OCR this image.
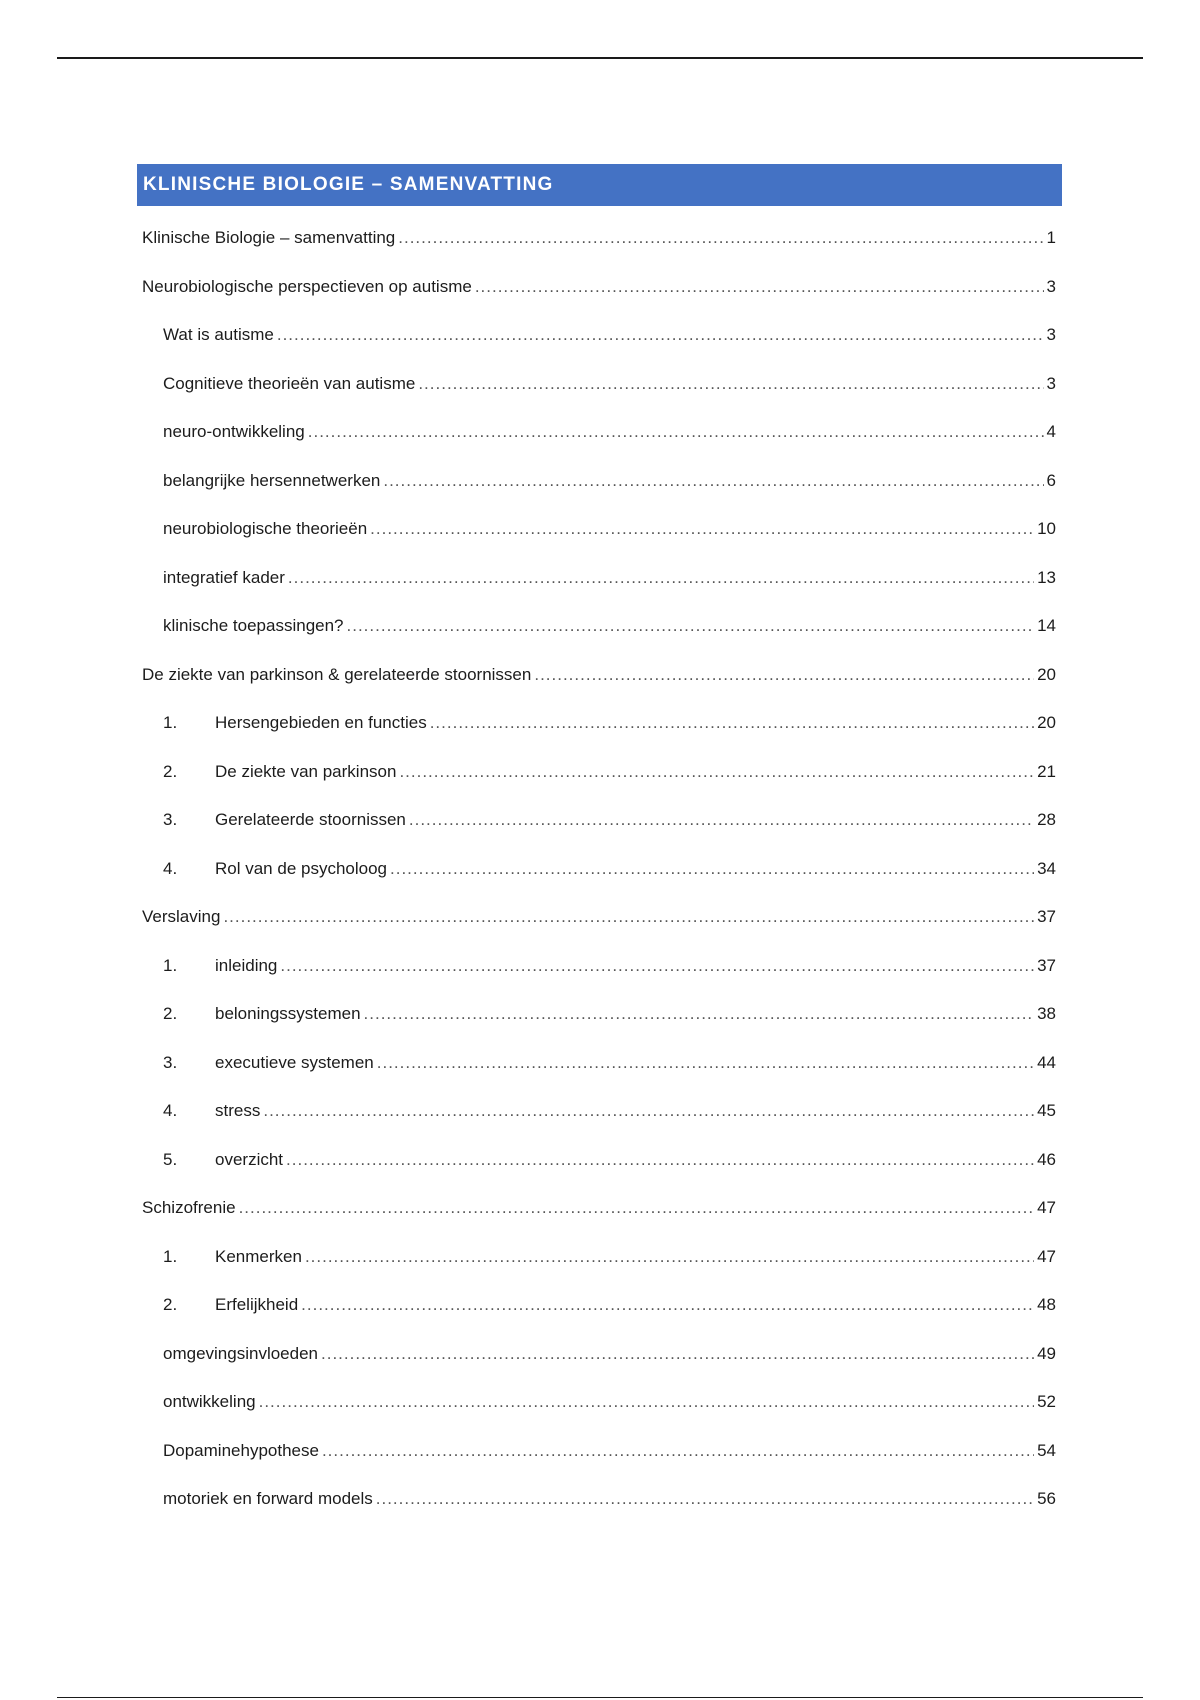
KLINISCHE BIOLOGIE – SAMENVATTING
Klinische Biologie – samenvatting .....	1
Neurobiologische perspectieven op autisme .....	3
Wat is autisme .....	3
Cognitieve theorieën van autisme .....	3
neuro-ontwikkeling .....	4
belangrijke hersennetwerken .....	6
neurobiologische theorieën .....	10
integratief kader .....	13
klinische toepassingen? .....	14
De ziekte van parkinson & gerelateerde stoornissen .....	20
1.	Hersengebieden en functies .....	20
2.	De ziekte van parkinson .....	21
3.	Gerelateerde stoornissen .....	28
4.	Rol van de psycholoog .....	34
Verslaving .....	37
1.	inleiding .....	37
2.	beloningssystemen .....	38
3.	executieve systemen .....	44
4.	stress .....	45
5.	overzicht .....	46
Schizofrenie .....	47
1.	Kenmerken .....	47
2.	Erfelijkheid .....	48
omgevingsinvloeden .....	49
ontwikkeling .....	52
Dopaminehypothese .....	54
motoriek en forward models .....	56
